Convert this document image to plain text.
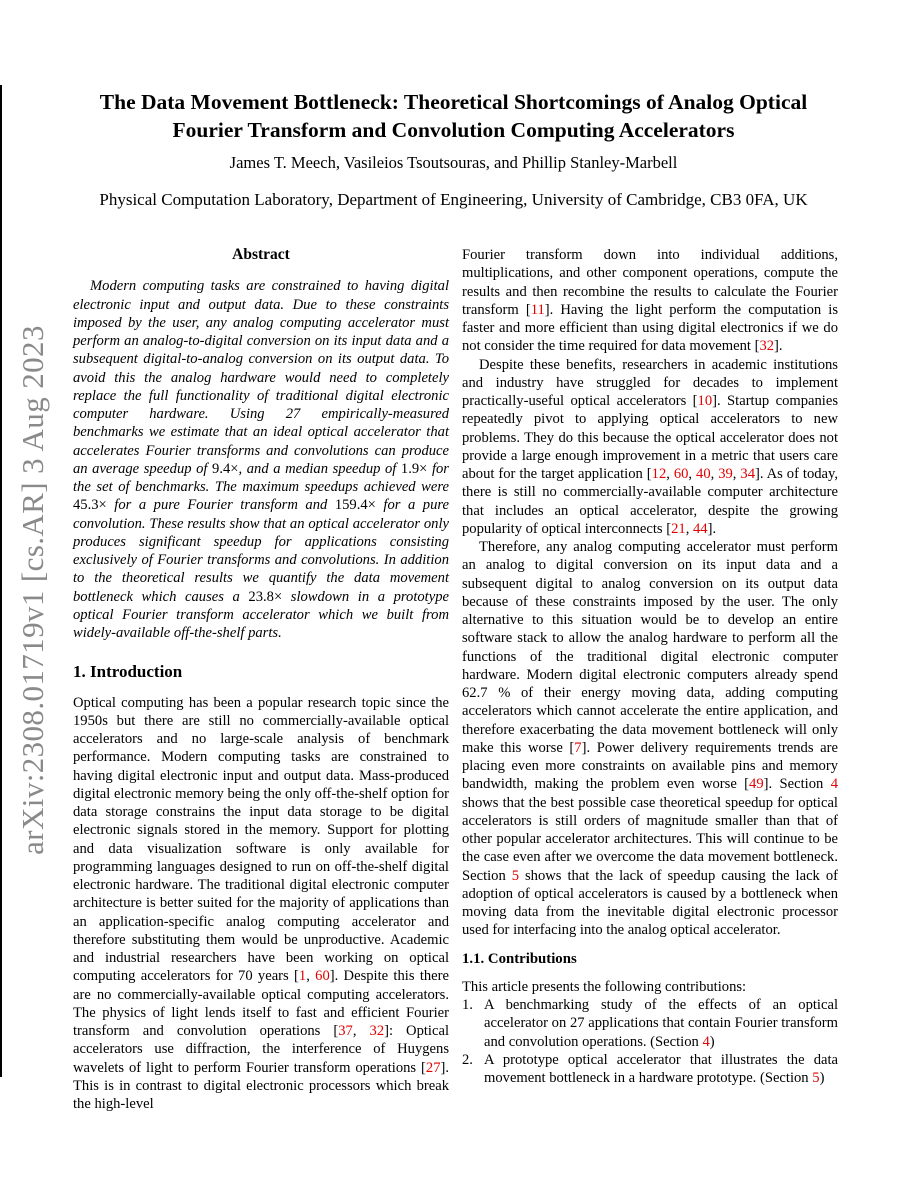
arXiv:2308.01719v1 [cs.AR] 3 Aug 2023
The Data Movement Bottleneck: Theoretical Shortcomings of Analog Optical
Fourier Transform and Convolution Computing Accelerators
James T. Meech, Vasileios Tsoutsouras, and Phillip Stanley-Marbell
Physical Computation Laboratory, Department of Engineering, University of Cambridge, CB3 0FA, UK
Abstract

Modern computing tasks are constrained to having digital electronic input and output data. Due to these constraints imposed by the user, any analog computing accelerator must perform an analog-to-digital conversion on its input data and a subsequent digital-to-analog conversion on its output data. To avoid this the analog hardware would need to completely replace the full functionality of traditional digital electronic computer hardware. Using 27 empirically-measured benchmarks we estimate that an ideal optical accelerator that accelerates Fourier transforms and convolutions can produce an average speedup of 9.4×, and a median speedup of 1.9× for the set of benchmarks. The maximum speedups achieved were 45.3× for a pure Fourier transform and 159.4× for a pure convolution. These results show that an optical accelerator only produces significant speedup for applications consisting exclusively of Fourier transforms and convolutions. In addition to the theoretical results we quantify the data movement bottleneck which causes a 23.8× slowdown in a prototype optical Fourier transform accelerator which we built from widely-available off-the-shelf parts.

1. Introduction

Optical computing has been a popular research topic since the 1950s but there are still no commercially-available optical accelerators and no large-scale analysis of benchmark performance. Modern computing tasks are constrained to having digital electronic input and output data. Mass-produced digital electronic memory being the only off-the-shelf option for data storage constrains the input data storage to be digital electronic signals stored in the memory. Support for plotting and data visualization software is only available for programming languages designed to run on off-the-shelf digital electronic hardware. The traditional digital electronic computer architecture is better suited for the majority of applications than an application-specific analog computing accelerator and therefore substituting them would be unproductive. Academic and industrial researchers have been working on optical computing accelerators for 70 years [1, 60]. Despite this there are no commercially-available optical computing accelerators. The physics of light lends itself to fast and efficient Fourier transform and convolution operations [37, 32]: Optical accelerators use diffraction, the interference of Huygens wavelets of light to perform Fourier transform operations [27]. This is in contrast to digital electronic processors which break the high-level

Fourier transform down into individual additions, multiplications, and other component operations, compute the results and then recombine the results to calculate the Fourier transform [11]. Having the light perform the computation is faster and more efficient than using digital electronics if we do not consider the time required for data movement [32].

Despite these benefits, researchers in academic institutions and industry have struggled for decades to implement practically-useful optical accelerators [10]. Startup companies repeatedly pivot to applying optical accelerators to new problems. They do this because the optical accelerator does not provide a large enough improvement in a metric that users care about for the target application [12, 60, 40, 39, 34]. As of today, there is still no commercially-available computer architecture that includes an optical accelerator, despite the growing popularity of optical interconnects [21, 44].

Therefore, any analog computing accelerator must perform an analog to digital conversion on its input data and a subsequent digital to analog conversion on its output data because of these constraints imposed by the user. The only alternative to this situation would be to develop an entire software stack to allow the analog hardware to perform all the functions of the traditional digital electronic computer hardware. Modern digital electronic computers already spend 62.7 % of their energy moving data, adding computing accelerators which cannot accelerate the entire application, and therefore exacerbating the data movement bottleneck will only make this worse [7]. Power delivery requirements trends are placing even more constraints on available pins and memory bandwidth, making the problem even worse [49]. Section 4 shows that the best possible case theoretical speedup for optical accelerators is still orders of magnitude smaller than that of other popular accelerator architectures. This will continue to be the case even after we overcome the data movement bottleneck. Section 5 shows that the lack of speedup causing the lack of adoption of optical accelerators is caused by a bottleneck when moving data from the inevitable digital electronic processor used for interfacing into the analog optical accelerator.

1.1. Contributions

This article presents the following contributions:

1. A benchmarking study of the effects of an optical accelerator on 27 applications that contain Fourier transform and convolution operations. (Section 4)
2. A prototype optical accelerator that illustrates the data movement bottleneck in a hardware prototype. (Section 5)
